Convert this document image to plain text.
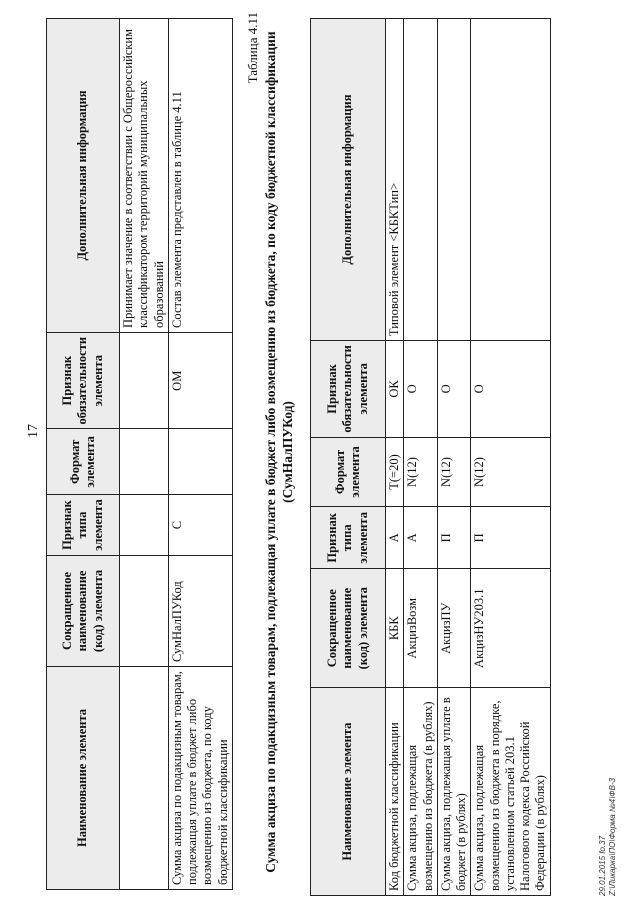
17
Наименование элемента	Сокращенное наименование (код) элемента	Признак типа элемента	Формат элемента	Признак обязательности элемента	Дополнительная информация
					Принимает значение в соответствии с Общероссийским классификатором территорий муниципальных образований
Сумма акциза по подакцизным товарам, подлежащая уплате в бюджет либо возмещению из бюджета, по коду бюджетной классификации	СумНалПУКод	С		ОМ	Состав элемента представлен в таблице 4.11
Таблица 4.11 Сумма акциза по подакцизным товарам, подлежащая уплате в бюджет либо возмещению из бюджета, по коду бюджетной классификации (СумНалПУКод)
Наименование элемента	Сокращенное наименование (код) элемента	Признак типа элемента	Формат элемента	Признак обязательности элемента	Дополнительная информация
Код бюджетной классификации	КБК	А	T(=20)	ОК	Типовой элемент <КБКТип>
Сумма акциза, подлежащая возмещению из бюджета (в рублях)	АкцизВозм	А	N(12)	О	
Сумма акциза, подлежащая уплате в бюджет (в рублях)	АкцизПУ	П	N(12)	О	
Сумма акциза, подлежащая возмещению из бюджета в порядке, установленном статьей 203.1 Налогового кодекса Российской Федерации (в рублях)	АкцизНУ203.1	П	N(12)	О	
29.01.2015 fo.37 Z:\Ликарка\ПО\Форма №4\ФВ-3
